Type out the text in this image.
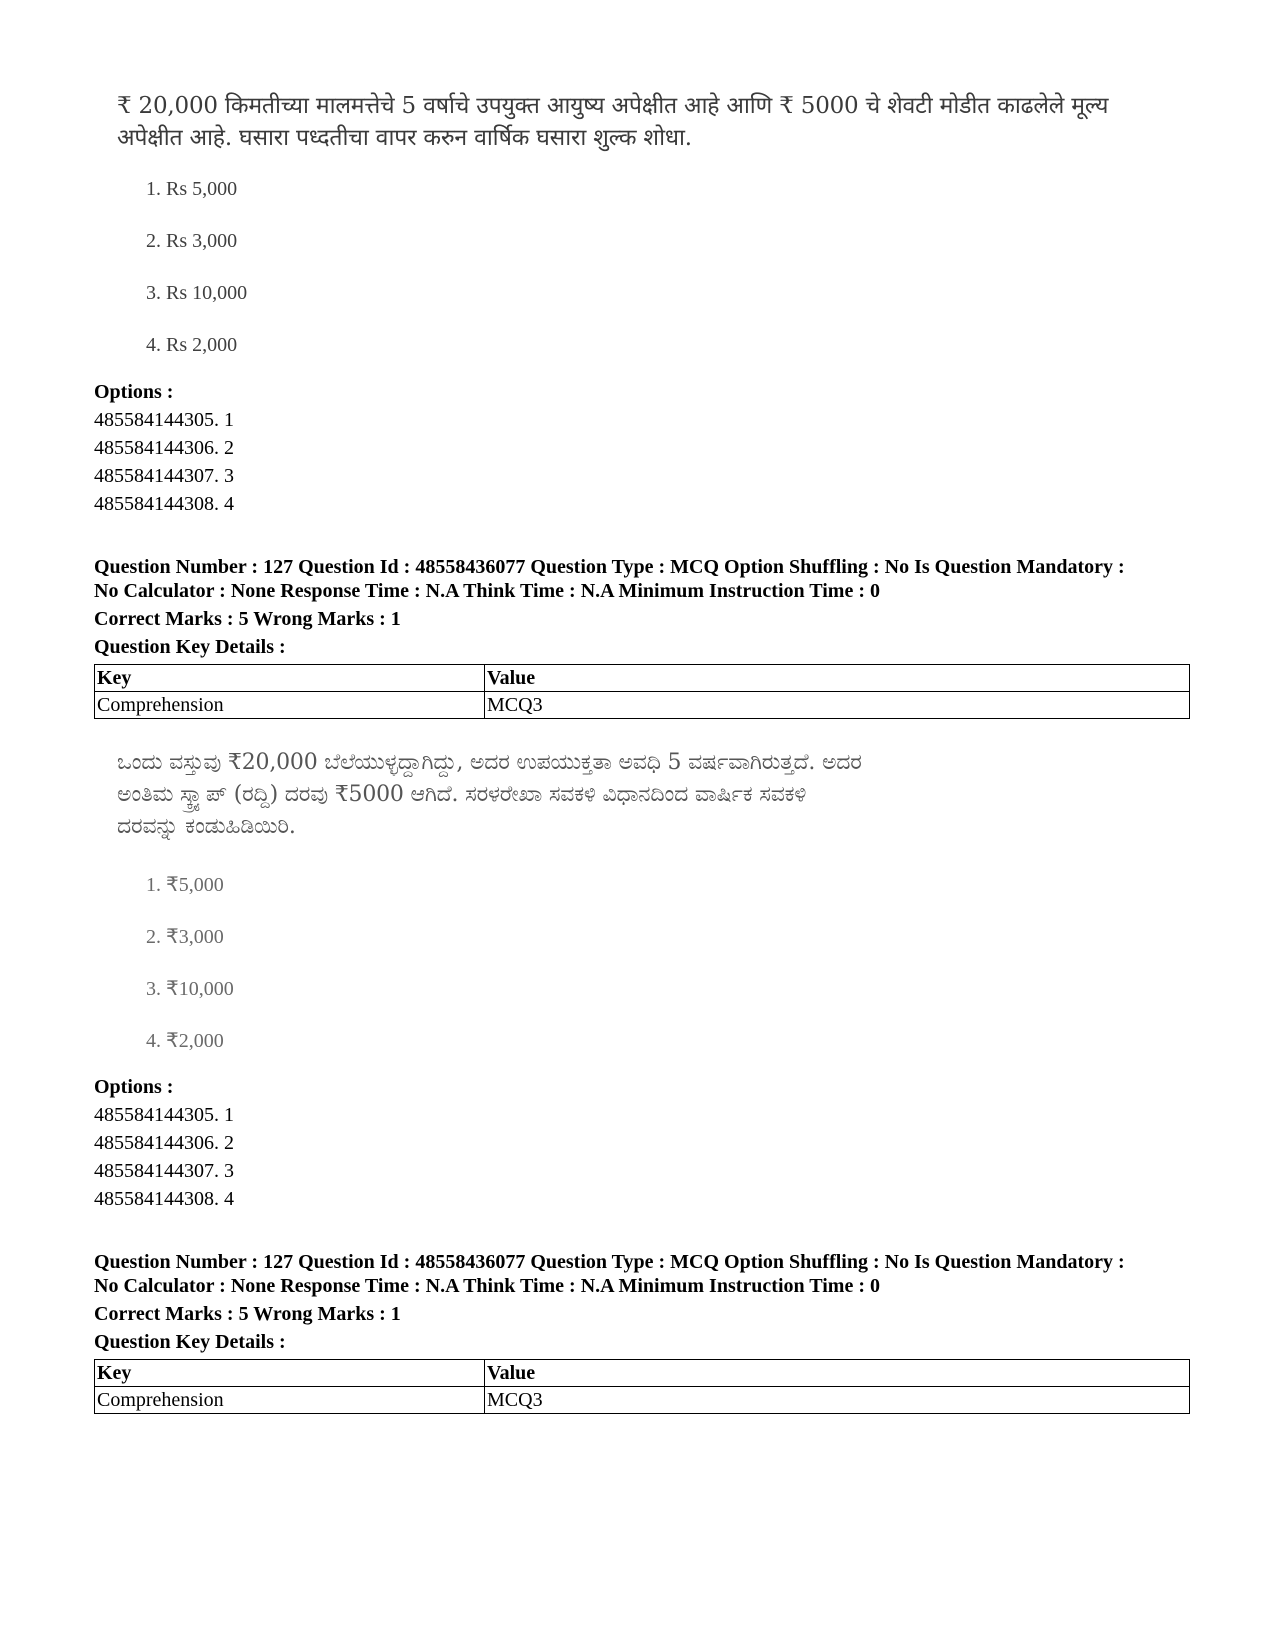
₹ 20,000 किमतीच्या मालमत्तेचे 5 वर्षाचे उपयुक्त आयुष्य अपेक्षीत आहे आणि ₹ 5000 चे शेवटी मोडीत काढलेले मूल्य
अपेक्षीत आहे. घसारा पध्दतीचा वापर करुन वार्षिक घसारा शुल्क शोधा.
1. Rs 5,000
2. Rs 3,000
3. Rs 10,000
4. Rs 2,000
Options :
485584144305. 1
485584144306. 2
485584144307. 3
485584144308. 4
Question Number : 127 Question Id : 48558436077 Question Type : MCQ Option Shuffling : No Is Question Mandatory :
No Calculator : None Response Time : N.A Think Time : N.A Minimum Instruction Time : 0
Correct Marks : 5 Wrong Marks : 1
Question Key Details :
Key	Value
Comprehension	MCQ3
ಒಂದು ವಸ್ತುವು ₹20,000 ಬೆಲೆಯುಳ್ಳದ್ದಾಗಿದ್ದು, ಅದರ ಉಪಯುಕ್ತತಾ ಅವಧಿ 5 ವರ್ಷವಾಗಿರುತ್ತದೆ. ಅದರ
ಅಂತಿಮ ಸ್ಕ್ರ್ಯಾಪ್ (ರದ್ದಿ) ದರವು ₹5000 ಆಗಿದೆ. ಸರಳರೇಖಾ ಸವಕಳಿ ವಿಧಾನದಿಂದ ವಾರ್ಷಿಕ ಸವಕಳಿ
ದರವನ್ನು ಕಂಡುಹಿಡಿಯಿರಿ.
1. ₹5,000
2. ₹3,000
3. ₹10,000
4. ₹2,000
Options :
485584144305. 1
485584144306. 2
485584144307. 3
485584144308. 4
Question Number : 127 Question Id : 48558436077 Question Type : MCQ Option Shuffling : No Is Question Mandatory :
No Calculator : None Response Time : N.A Think Time : N.A Minimum Instruction Time : 0
Correct Marks : 5 Wrong Marks : 1
Question Key Details :
Key	Value
Comprehension	MCQ3
